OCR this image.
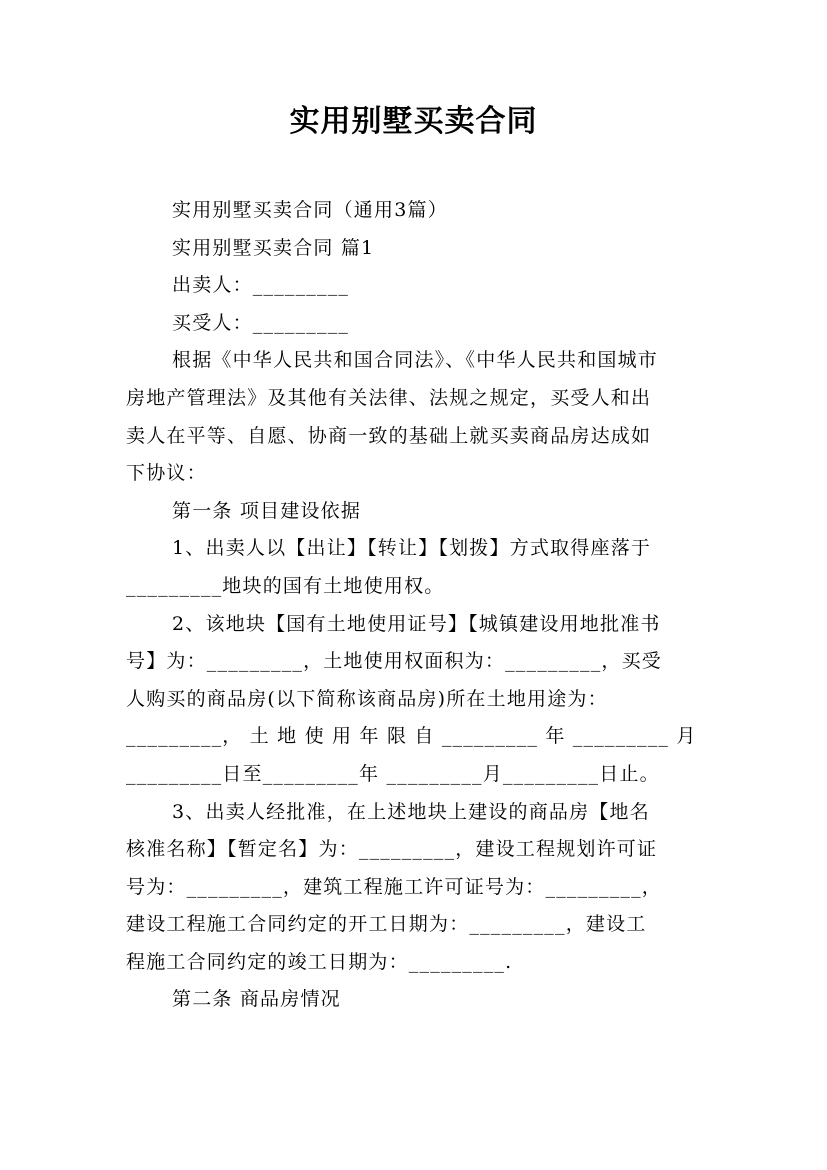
实用别墅买卖合同
实用别墅买卖合同（通用3篇）
实用别墅买卖合同 篇1
出卖人：_________
买受人：_________
根据《中华人民共和国合同法》、《中华人民共和国城市
房地产管理法》及其他有关法律、法规之规定，买受人和出
卖人在平等、自愿、协商一致的基础上就买卖商品房达成如
下协议：
第一条 项目建设依据
1、出卖人以【出让】【转让】【划拨】方式取得座落于
_________地块的国有土地使用权。
2、该地块【国有土地使用证号】【城镇建设用地批准书
号】为：_________，土地使用权面积为：_________，买受
人购买的商品房(以下简称该商品房)所在土地用途为：
_________， 土 地 使 用 年 限 自 _________ 年 _________ 月
_________日至_________年 _________月_________日止。
3、出卖人经批准，在上述地块上建设的商品房【地名
核准名称】【暂定名】为：_________，建设工程规划许可证
号为：_________，建筑工程施工许可证号为：_________，
建设工程施工合同约定的开工日期为：_________，建设工
程施工合同约定的竣工日期为：_________.
第二条 商品房情况
